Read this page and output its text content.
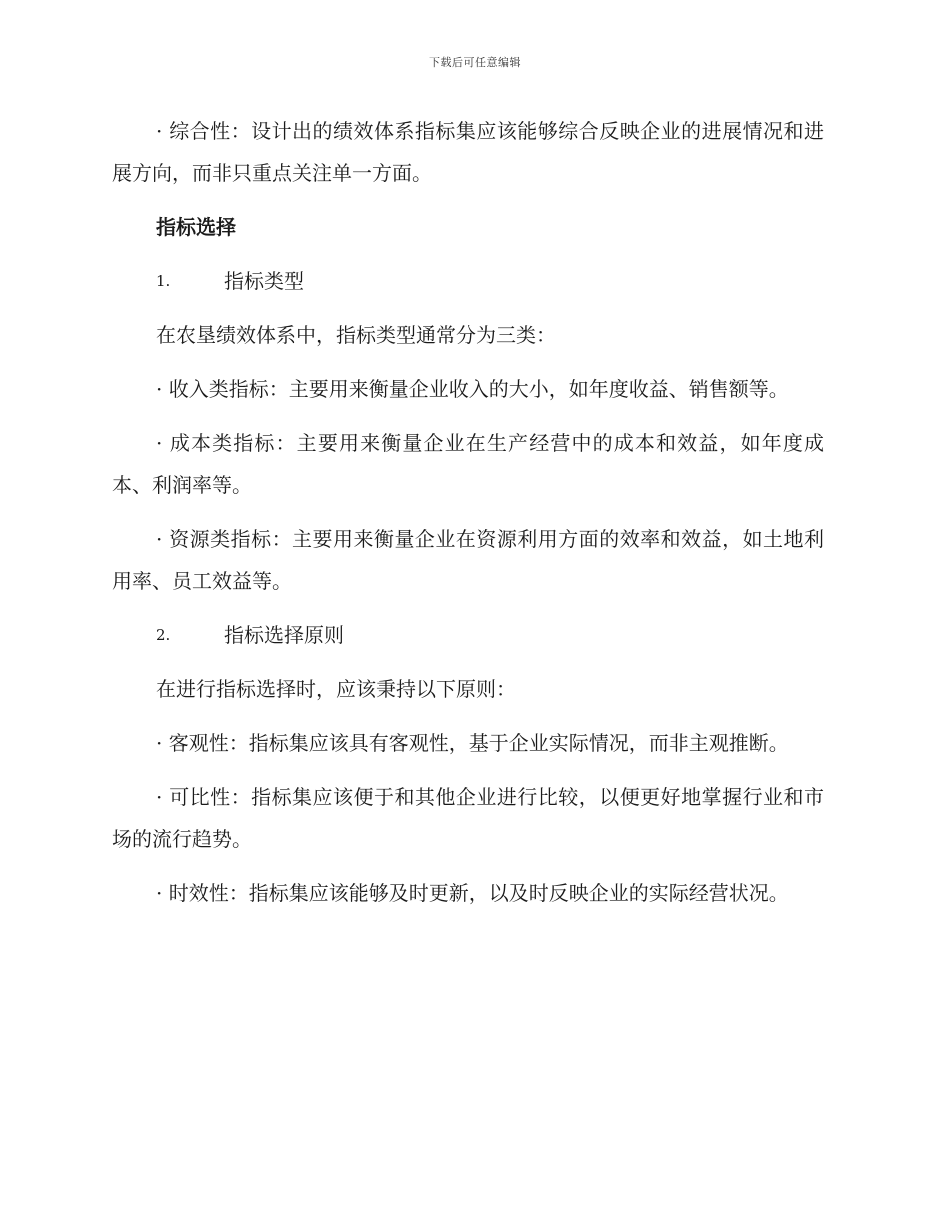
下载后可任意编辑

· 综合性：设计出的绩效体系指标集应该能够综合反映企业的进展情况和进展方向，而非只重点关注单一方面。

指标选择
1.	指标类型

在农垦绩效体系中，指标类型通常分为三类：

· 收入类指标：主要用来衡量企业收入的大小，如年度收益、销售额等。

· 成本类指标：主要用来衡量企业在生产经营中的成本和效益，如年度成本、利润率等。

· 资源类指标：主要用来衡量企业在资源利用方面的效率和效益，如土地利用率、员工效益等。

2.	指标选择原则

在进行指标选择时，应该秉持以下原则：

· 客观性：指标集应该具有客观性，基于企业实际情况，而非主观推断。

· 可比性：指标集应该便于和其他企业进行比较，以便更好地掌握行业和市场的流行趋势。

· 时效性：指标集应该能够及时更新，以及时反映企业的实际经营状况。
